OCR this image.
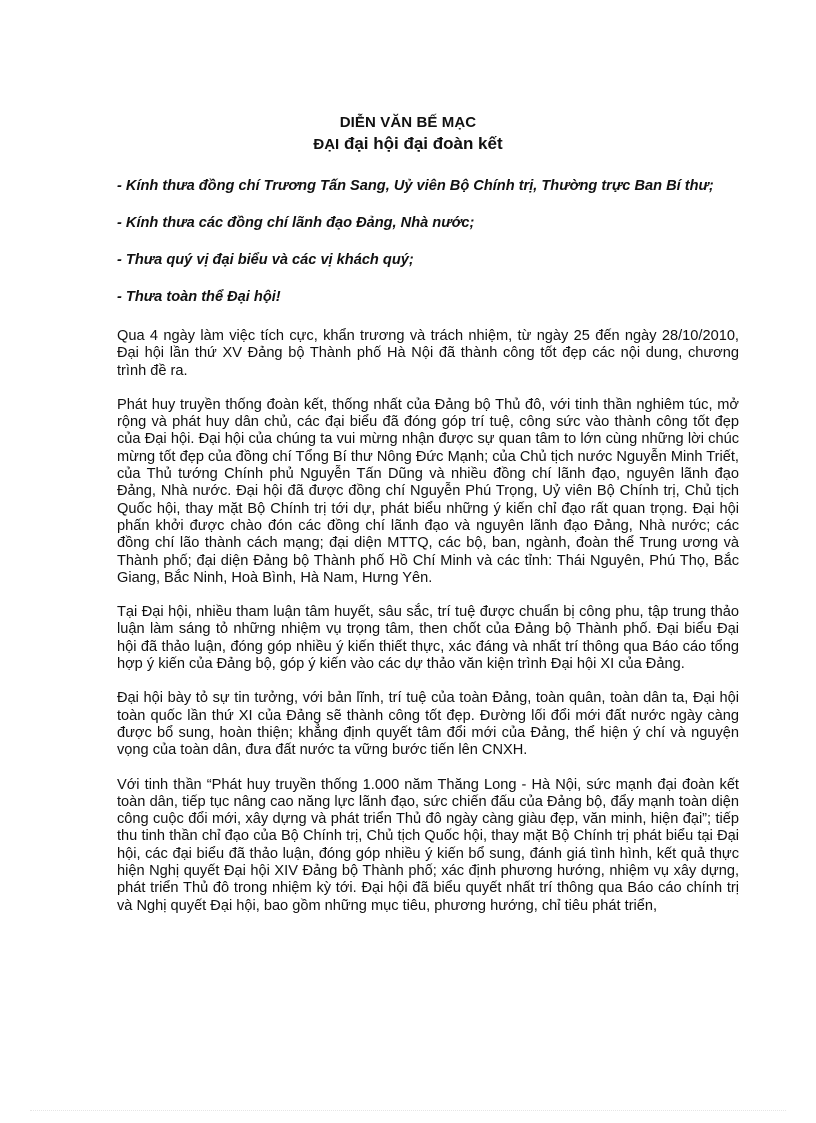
DIỄN VĂN BẾ MẠC
ĐẠI đại hội đại đoàn kết

- Kính thưa đồng chí Trương Tấn Sang, Uỷ viên Bộ Chính trị, Thường trực Ban Bí thư;

- Kính thưa các đồng chí lãnh đạo Đảng, Nhà nước;

- Thưa quý vị đại biểu và các vị khách quý;

- Thưa toàn thể Đại hội!

Qua 4 ngày làm việc tích cực, khẩn trương và trách nhiệm, từ ngày 25 đến ngày 28/10/2010, Đại hội lần thứ XV Đảng bộ Thành phố Hà Nội đã thành công tốt đẹp các nội dung, chương trình đề ra.

Phát huy truyền thống đoàn kết, thống nhất của Đảng bộ Thủ đô, với tinh thần nghiêm túc, mở rộng và phát huy dân chủ, các đại biểu đã đóng góp trí tuệ, công sức vào thành công tốt đẹp của Đại hội. Đại hội của chúng ta vui mừng nhận được sự quan tâm to lớn cùng những lời chúc mừng tốt đẹp của đồng chí Tổng Bí thư Nông Đức Mạnh; của Chủ tịch nước Nguyễn Minh Triết, của Thủ tướng Chính phủ Nguyễn Tấn Dũng và nhiều đồng chí lãnh đạo, nguyên lãnh đạo Đảng, Nhà nước. Đại hội đã được đồng chí Nguyễn Phú Trọng, Uỷ viên Bộ Chính trị, Chủ tịch Quốc hội, thay mặt Bộ Chính trị tới dự, phát biểu những ý kiến chỉ đạo rất quan trọng. Đại hội phấn khởi được chào đón các đồng chí lãnh đạo và nguyên lãnh đạo Đảng, Nhà nước; các đồng chí lão thành cách mạng; đại diện MTTQ, các bộ, ban, ngành, đoàn thể Trung ương và Thành phố; đại diện Đảng bộ Thành phố Hồ Chí Minh và các tỉnh: Thái Nguyên, Phú Thọ, Bắc Giang, Bắc Ninh, Hoà Bình, Hà Nam, Hưng Yên.

Tại Đại hội, nhiều tham luận tâm huyết, sâu sắc, trí tuệ được chuẩn bị công phu, tập trung thảo luận làm sáng tỏ những nhiệm vụ trọng tâm, then chốt của Đảng bộ Thành phố. Đại biểu Đại hội đã thảo luận, đóng góp nhiều ý kiến thiết thực, xác đáng và nhất trí thông qua Báo cáo tổng hợp ý kiến của Đảng bộ, góp ý kiến vào các dự thảo văn kiện trình Đại hội XI của Đảng.

Đại hội bày tỏ sự tin tưởng, với bản lĩnh, trí tuệ của toàn Đảng, toàn quân, toàn dân ta, Đại hội toàn quốc lần thứ XI của Đảng sẽ thành công tốt đẹp. Đường lối đổi mới đất nước ngày càng được bổ sung, hoàn thiện; khẳng định quyết tâm đổi mới của Đảng, thể hiện ý chí và nguyện vọng của toàn dân, đưa đất nước ta vững bước tiến lên CNXH.

Với tinh thần “Phát huy truyền thống 1.000 năm Thăng Long - Hà Nội, sức mạnh đại đoàn kết toàn dân, tiếp tục nâng cao năng lực lãnh đạo, sức chiến đấu của Đảng bộ, đẩy mạnh toàn diện công cuộc đổi mới, xây dựng và phát triển Thủ đô ngày càng giàu đẹp, văn minh, hiện đại”; tiếp thu tinh thần chỉ đạo của Bộ Chính trị, Chủ tịch Quốc hội, thay mặt Bộ Chính trị phát biểu tại Đại hội, các đại biểu đã thảo luận, đóng góp nhiều ý kiến bổ sung, đánh giá tình hình, kết quả thực hiện Nghị quyết Đại hội XIV Đảng bộ Thành phố; xác định phương hướng, nhiệm vụ xây dựng, phát triển Thủ đô trong nhiệm kỳ tới. Đại hội đã biểu quyết nhất trí thông qua Báo cáo chính trị và Nghị quyết Đại hội, bao gồm những mục tiêu, phương hướng, chỉ tiêu phát triển,
